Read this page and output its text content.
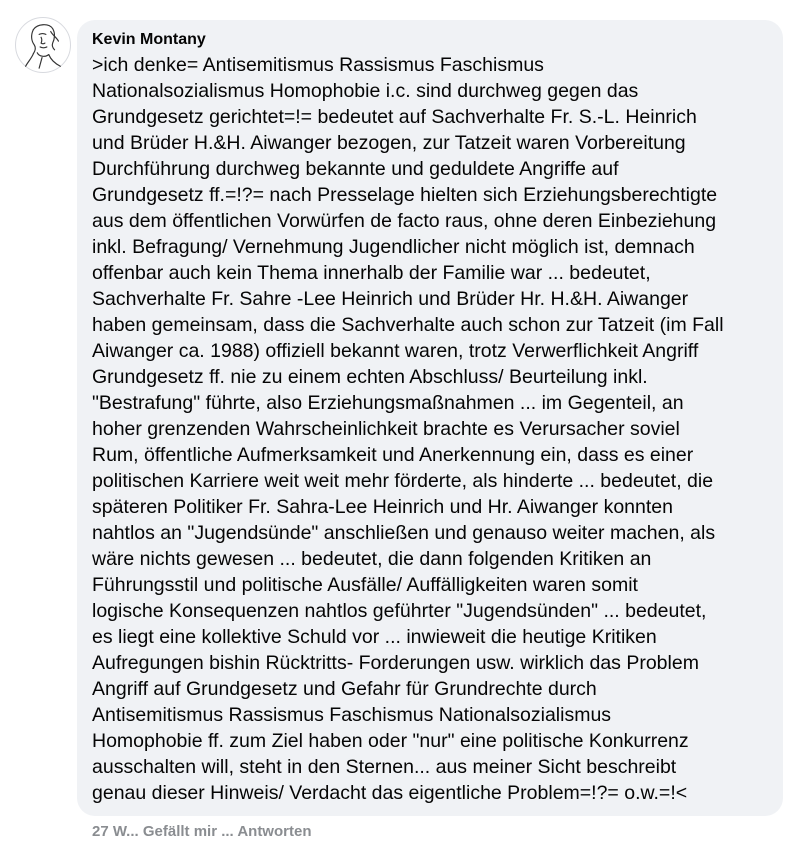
Kevin Montany
>ich denke= Antisemitismus Rassismus Faschismus
Nationalsozialismus Homophobie i.c. sind durchweg gegen das
Grundgesetz gerichtet=!= bedeutet auf Sachverhalte Fr. S.-L. Heinrich
und Brüder H.&H. Aiwanger bezogen, zur Tatzeit waren Vorbereitung
Durchführung durchweg bekannte und geduldete Angriffe auf
Grundgesetz ff.=!?= nach Presselage hielten sich Erziehungsberechtigte
aus dem öffentlichen Vorwürfen de facto raus, ohne deren Einbeziehung
inkl. Befragung/ Vernehmung Jugendlicher nicht möglich ist, demnach
offenbar auch kein Thema innerhalb der Familie war ... bedeutet,
Sachverhalte Fr. Sahre -Lee Heinrich und Brüder Hr. H.&H. Aiwanger
haben gemeinsam, dass die Sachverhalte auch schon zur Tatzeit (im Fall
Aiwanger ca. 1988) offiziell bekannt waren, trotz Verwerflichkeit Angriff
Grundgesetz ff. nie zu einem echten Abschluss/ Beurteilung inkl.
"Bestrafung" führte, also Erziehungsmaßnahmen ... im Gegenteil, an
hoher grenzenden Wahrscheinlichkeit brachte es Verursacher soviel
Rum, öffentliche Aufmerksamkeit und Anerkennung ein, dass es einer
politischen Karriere weit weit mehr förderte, als hinderte ... bedeutet, die
späteren Politiker Fr. Sahra-Lee Heinrich und Hr. Aiwanger konnten
nahtlos an "Jugendsünde" anschließen und genauso weiter machen, als
wäre nichts gewesen ... bedeutet, die dann folgenden Kritiken an
Führungsstil und politische Ausfälle/ Auffälligkeiten waren somit
logische Konsequenzen nahtlos geführter "Jugendsünden" ... bedeutet,
es liegt eine kollektive Schuld vor ... inwieweit die heutige Kritiken
Aufregungen bishin Rücktritts- Forderungen usw. wirklich das Problem
Angriff auf Grundgesetz und Gefahr für Grundrechte durch
Antisemitismus Rassismus Faschismus Nationalsozialismus
Homophobie ff. zum Ziel haben oder "nur" eine politische Konkurrenz
ausschalten will, steht in den Sternen... aus meiner Sicht beschreibt
genau dieser Hinweis/ Verdacht das eigentliche Problem=!?= o.w.=!<
27 W... Gefällt mir ... Antworten
